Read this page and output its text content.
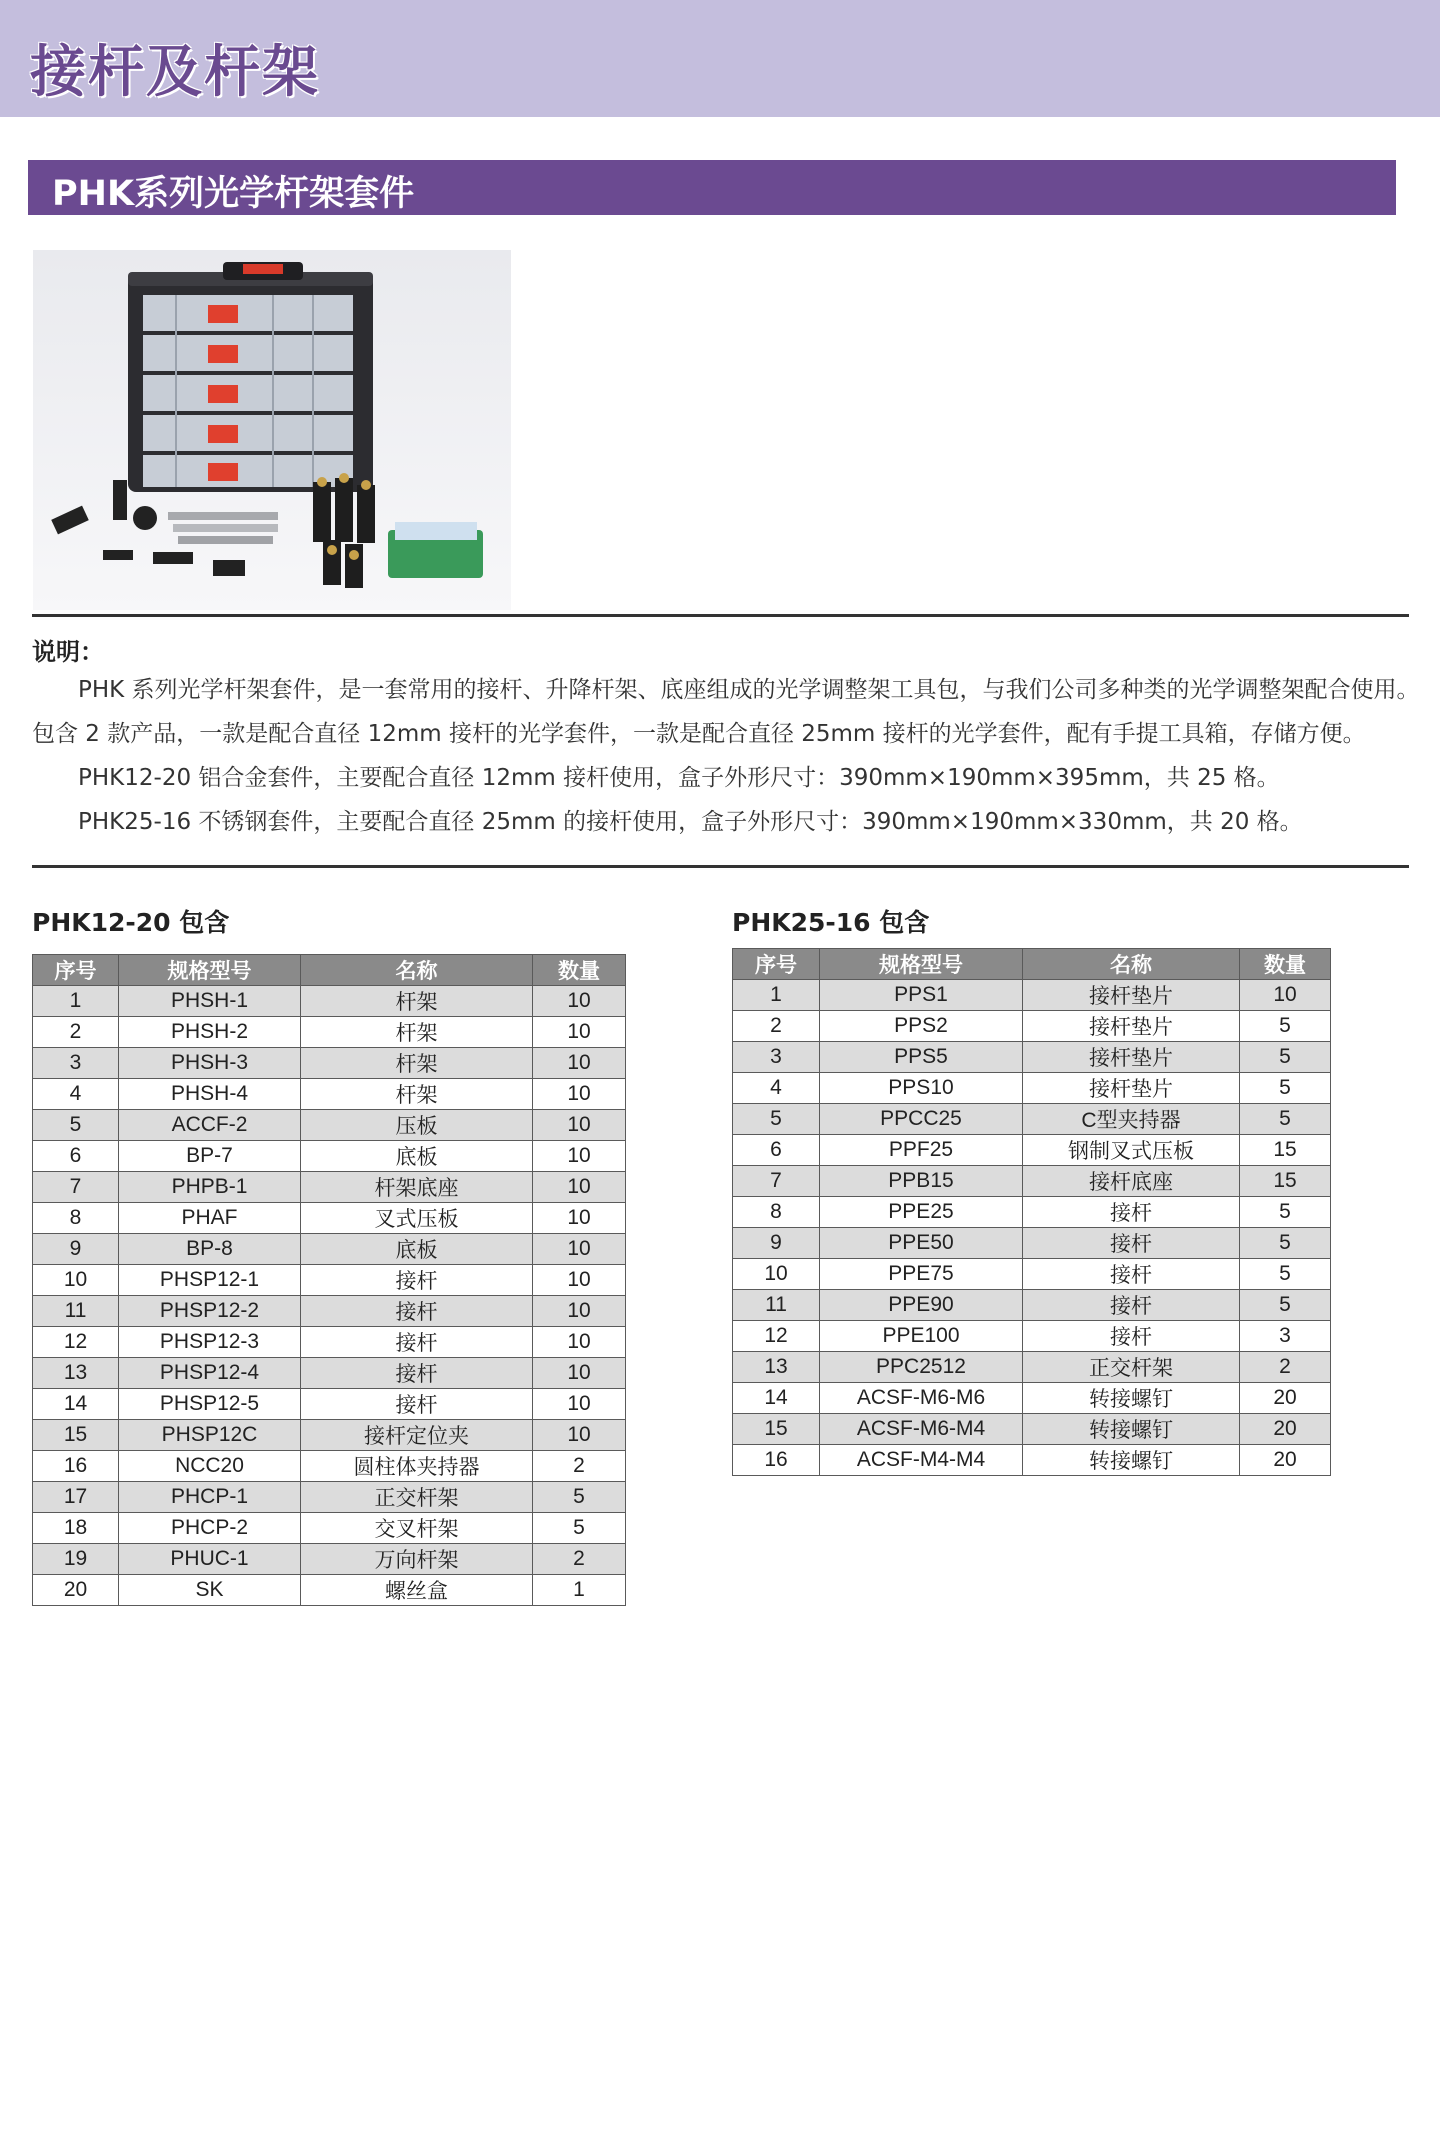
接杆及杆架
PHK系列光学杆架套件
说明：

PHK 系列光学杆架套件，是一套常用的接杆、升降杆架、底座组成的光学调整架工具包，与我们公司多种类的光学调整架配合使用。包含 2 款产品，一款是配合直径 12mm 接杆的光学套件，一款是配合直径 25mm 接杆的光学套件，配有手提工具箱，存储方便。

PHK12-20 铝合金套件，主要配合直径 12mm 接杆使用，盒子外形尺寸：390mm×190mm×395mm，共 25 格。

PHK25-16 不锈钢套件，主要配合直径 25mm 的接杆使用，盒子外形尺寸：390mm×190mm×330mm，共 20 格。

PHK12-20 包含
序号	规格型号	名称	数量
1	PHSH-1	杆架	10
2	PHSH-2	杆架	10
3	PHSH-3	杆架	10
4	PHSH-4	杆架	10
5	ACCF-2	压板	10
6	BP-7	底板	10
7	PHPB-1	杆架底座	10
8	PHAF	叉式压板	10
9	BP-8	底板	10
10	PHSP12-1	接杆	10
11	PHSP12-2	接杆	10
12	PHSP12-3	接杆	10
13	PHSP12-4	接杆	10
14	PHSP12-5	接杆	10
15	PHSP12C	接杆定位夹	10
16	NCC20	圆柱体夹持器	2
17	PHCP-1	正交杆架	5
18	PHCP-2	交叉杆架	5
19	PHUC-1	万向杆架	2
20	SK	螺丝盒	1
PHK25-16 包含
序号	规格型号	名称	数量
1	PPS1	接杆垫片	10
2	PPS2	接杆垫片	5
3	PPS5	接杆垫片	5
4	PPS10	接杆垫片	5
5	PPCC25	C型夹持器	5
6	PPF25	钢制叉式压板	15
7	PPB15	接杆底座	15
8	PPE25	接杆	5
9	PPE50	接杆	5
10	PPE75	接杆	5
11	PPE90	接杆	5
12	PPE100	接杆	3
13	PPC2512	正交杆架	2
14	ACSF-M6-M6	转接螺钉	20
15	ACSF-M6-M4	转接螺钉	20
16	ACSF-M4-M4	转接螺钉	20
